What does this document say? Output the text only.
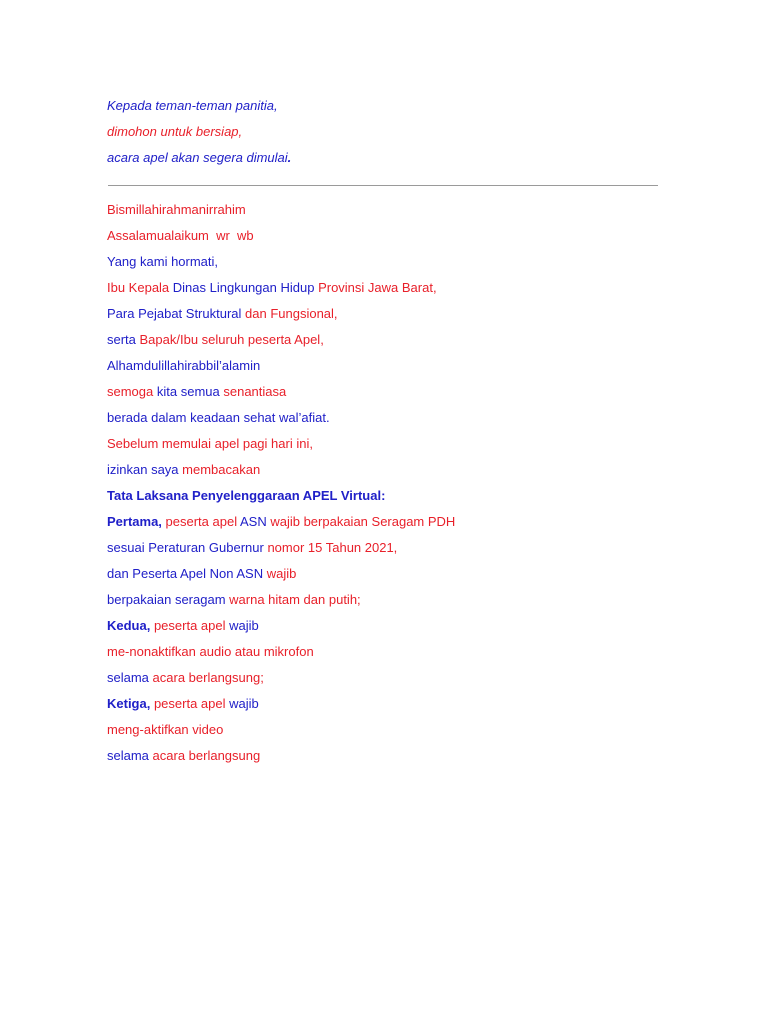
Kepada teman-teman panitia,
dimohon untuk bersiap,
acara apel akan segera dimulai.
Bismillahirahmanirrahim
Assalamualaikum  wr  wb
Yang kami hormati,
Ibu Kepala Dinas Lingkungan Hidup Provinsi Jawa Barat,
Para Pejabat Struktural dan Fungsional,
serta Bapak/Ibu seluruh peserta Apel,
Alhamdulillahirabbil’alamin
semoga kita semua senantiasa
berada dalam keadaan sehat wal’afiat.
Sebelum memulai apel pagi hari ini,
izinkan saya membacakan
Tata Laksana Penyelenggaraan APEL Virtual:
Pertama, peserta apel ASN wajib berpakaian Seragam PDH
sesuai Peraturan Gubernur nomor 15 Tahun 2021,
dan Peserta Apel Non ASN wajib
berpakaian seragam warna hitam dan putih;
Kedua, peserta apel wajib
me-nonaktifkan audio atau mikrofon
selama acara berlangsung;
Ketiga, peserta apel wajib
meng-aktifkan video
selama acara berlangsung
